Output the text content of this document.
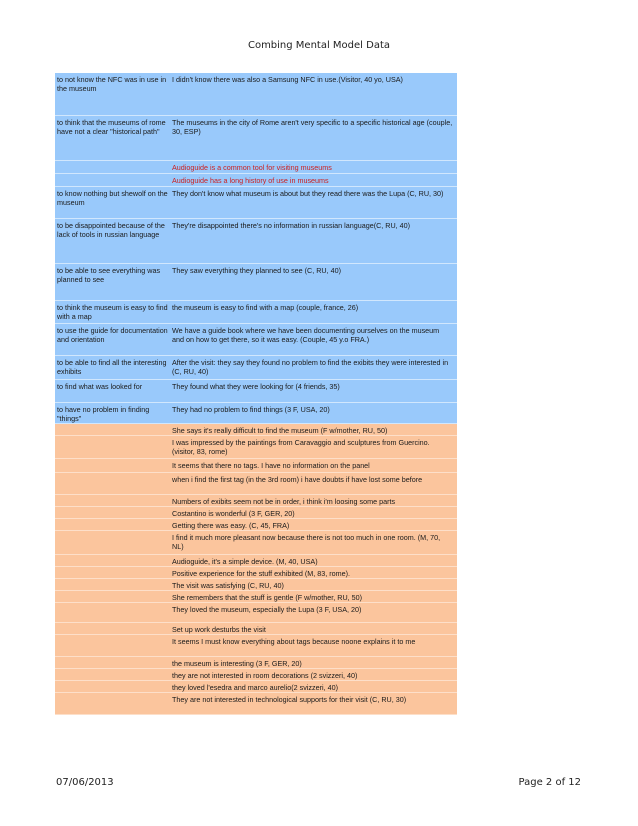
Combing Mental Model Data
to not know the NFC was in use in the museum
I didn't know there was also a Samsung NFC in use.(Visitor, 40 yo, USA)
to think that the museums of rome have not a clear "historical path"
The museums in the city of Rome aren't very specific to a specific historical age (couple, 30, ESP)
Audioguide is a common tool for visiting museums
Audioguide has a long history of use in museums
to know nothing but shewolf on the museum
They don't know what museum is about but they read there was the Lupa (C, RU, 30)
to be disappointed because of the lack of tools in russian language
They're disappointed there's no information in russian language(C, RU, 40)
to be able to see everything was planned to see
They saw everything they planned to see (C, RU, 40)
to think the museum is easy to find with a map
the museum is easy to find with a map (couple, france, 26)
to use the guide for documentation and orientation
We have a guide book where we have been documenting ourselves on the museum and on how to get there, so it was easy. (Couple, 45 y.o FRA.)
to be able to find all the interesting exhibits
After the visit: they say they found no problem to find the exibits they were interested in (C, RU, 40)
to find what was looked for	They found what they were looking for (4 friends, 35)
to have no problem in finding "things"
They had no problem to find things (3 F, USA, 20)
She says it's really difficult to find the museum (F w/mother, RU, 50)
I was impressed by the paintings from Caravaggio and sculptures from Guercino. (visitor, 83, rome)
It seems that there no tags. I have no information on the panel
when i find the first tag (in the 3rd room) i have doubts if have lost some before
Numbers of exibits seem not be in order, i think i'm loosing some parts
Costantino is wonderful (3 F, GER, 20)
Getting there was easy. (C, 45, FRA)
I find it much more pleasant now because there is not too much in one room. (M, 70, NL)
Audioguide, it's a simple device. (M, 40, USA)
Positive experience for the stuff exhibited (M, 83, rome).
The visit was satisfying (C, RU, 40)
She remembers that the stuff is gentle (F w/mother, RU, 50)
They loved the museum, especially the Lupa (3 F, USA, 20)
Set up work desturbs the visit
It seems I must know everything about tags because noone explains it to me
the museum is interesting (3 F, GER, 20)
they are not interested in room decorations (2 svizzeri, 40)
they loved l'esedra and marco aurelio(2 svizzeri, 40)
They are not interested in technological supports for their visit (C, RU, 30)
07/06/2013	Page 2 of 12
